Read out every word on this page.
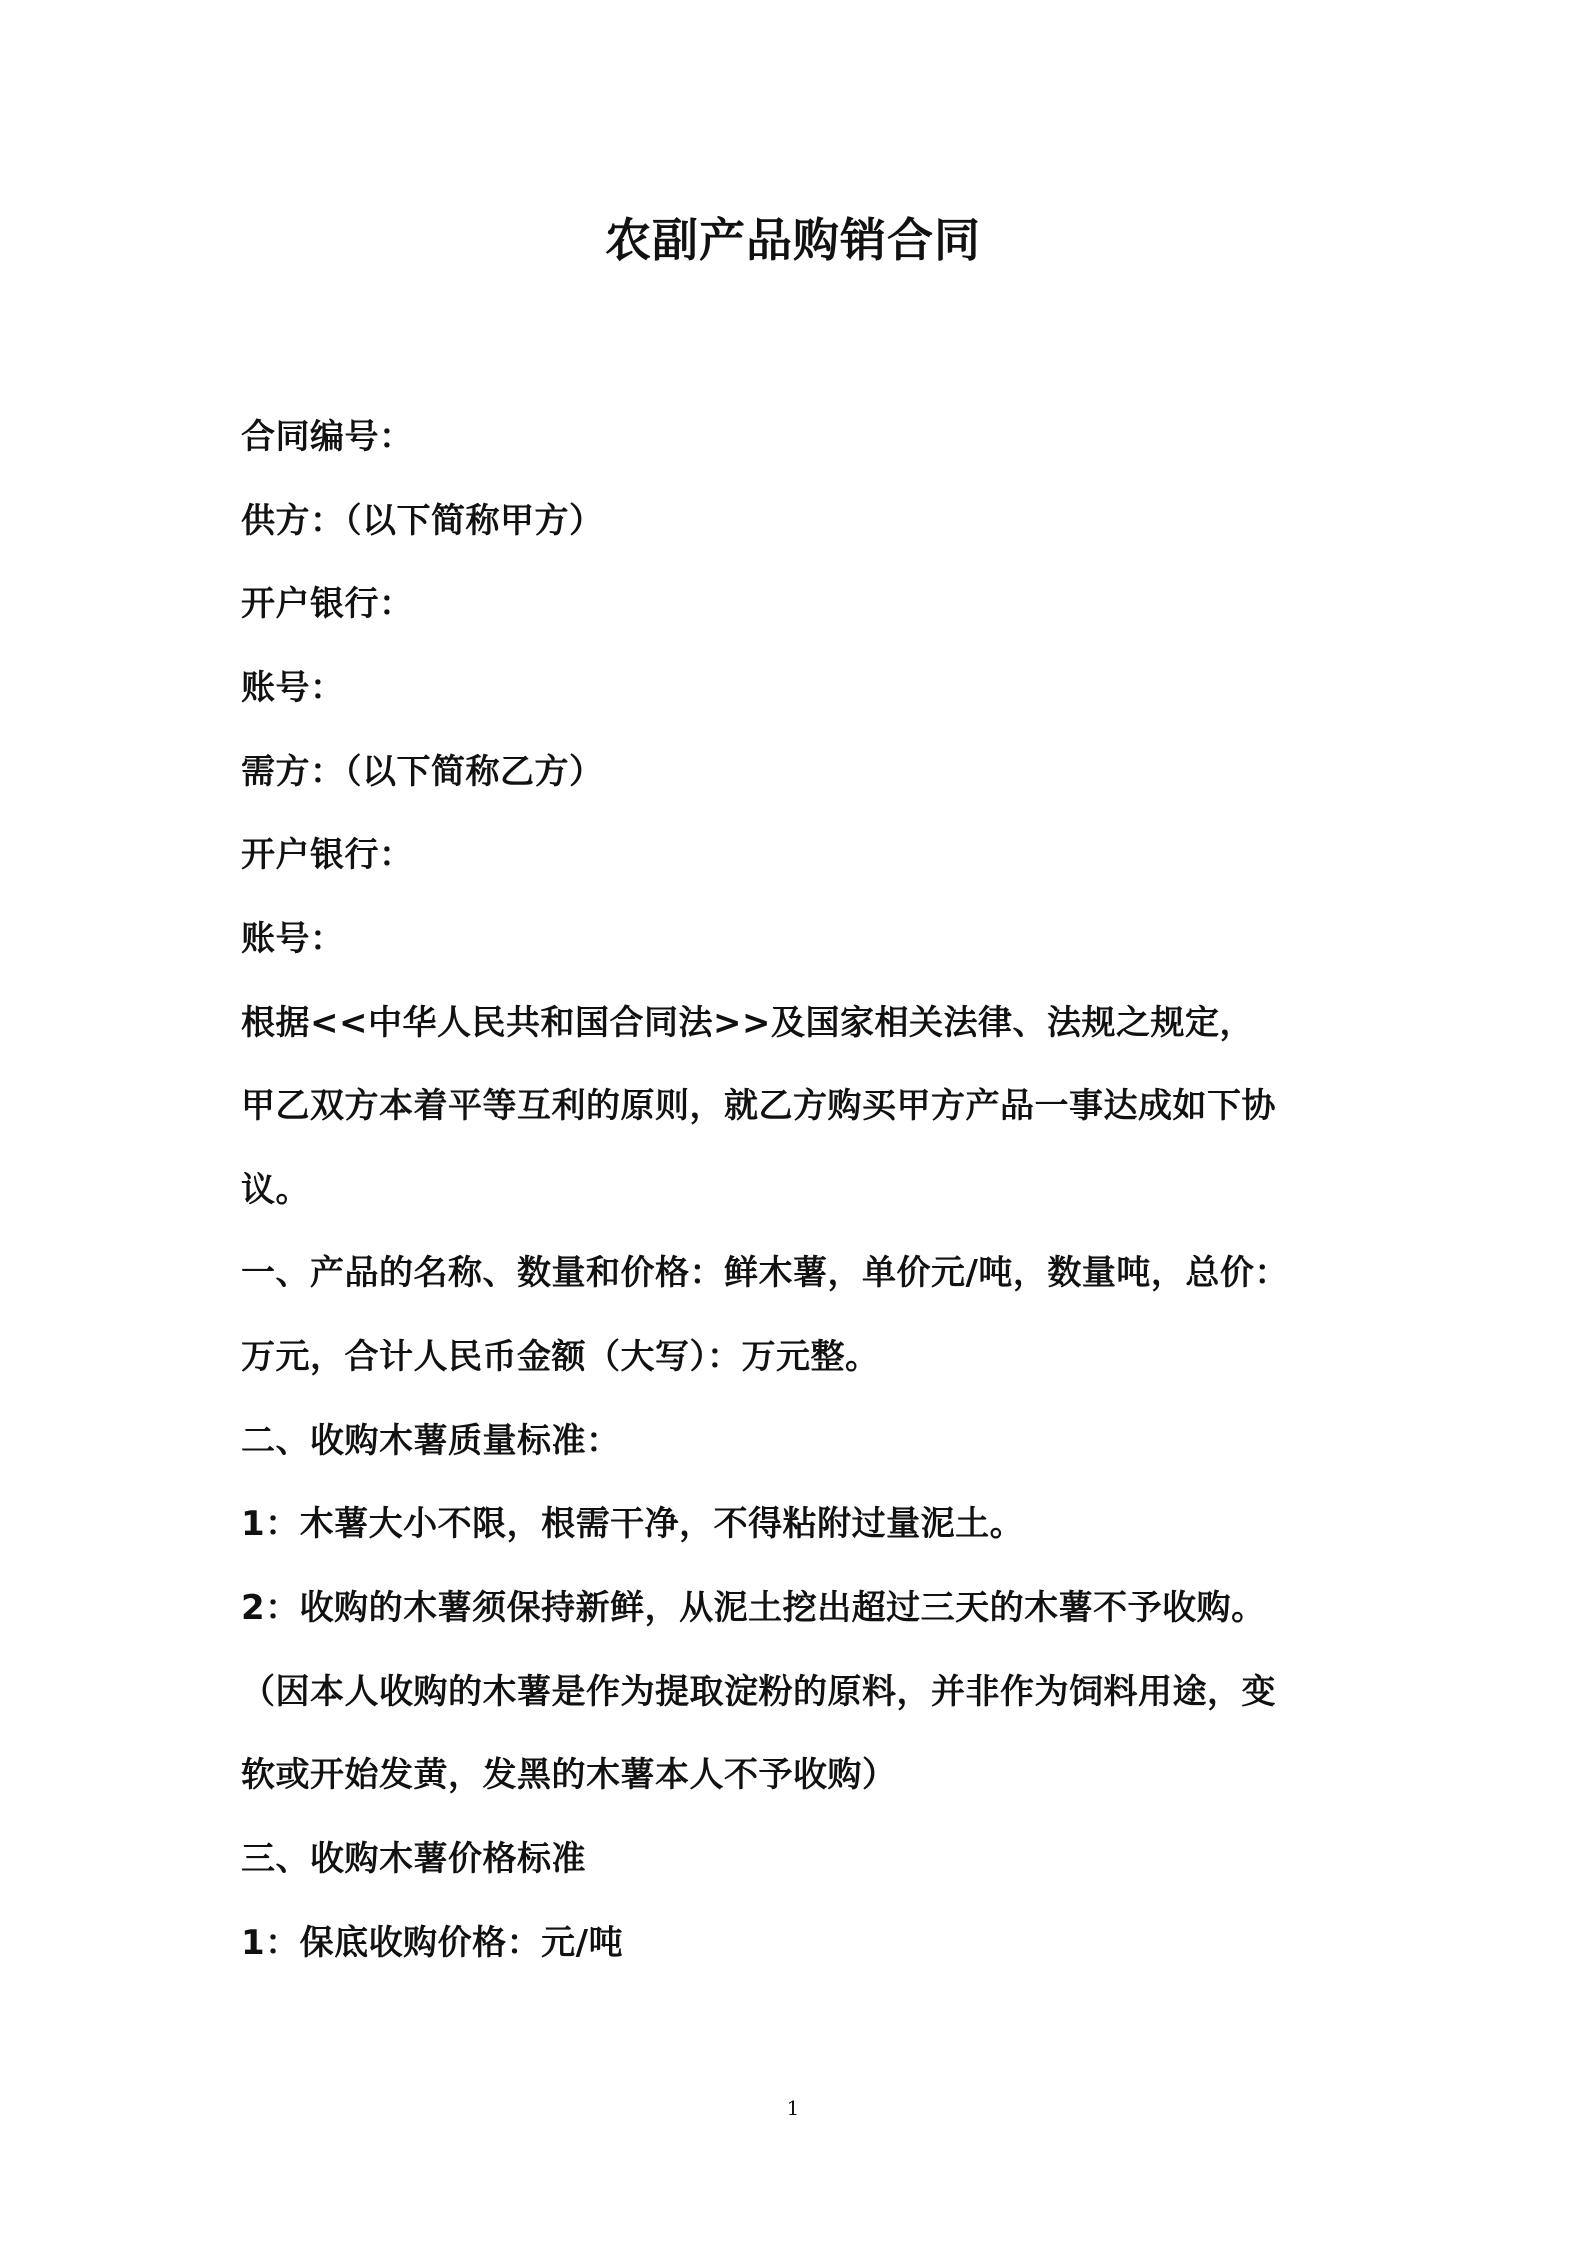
农副产品购销合同
合同编号：
供方：（以下简称甲方）
开户银行：
账号：
需方：（以下简称乙方）
开户银行：
账号：
根据<<中华人民共和国合同法>>及国家相关法律、法规之规定，
甲乙双方本着平等互利的原则，就乙方购买甲方产品一事达成如下协
议。
一、产品的名称、数量和价格：鲜木薯，单价元/吨，数量吨，总价：
万元，合计人民币金额（大写）：万元整。
二、收购木薯质量标准：
1：木薯大小不限，根需干净，不得粘附过量泥土。
2：收购的木薯须保持新鲜，从泥土挖出超过三天的木薯不予收购。
（因本人收购的木薯是作为提取淀粉的原料，并非作为饲料用途，变
软或开始发黄，发黑的木薯本人不予收购）
三、收购木薯价格标准
1：保底收购价格：元/吨
1
